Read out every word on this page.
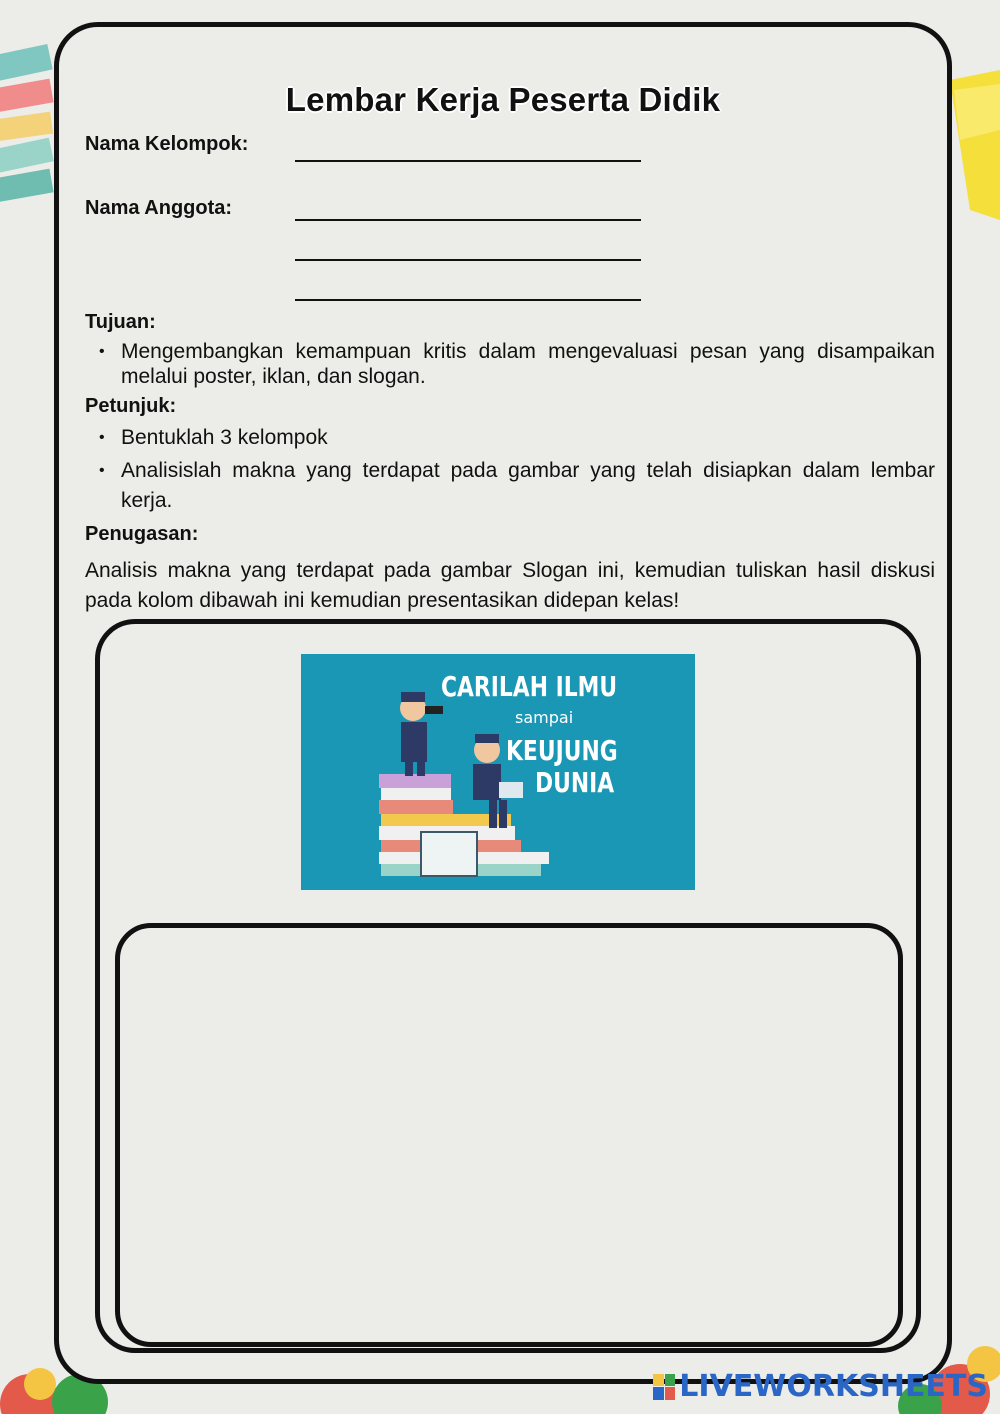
Lembar Kerja Peserta Didik
Nama Kelompok:
Nama Anggota:
Tujuan:
• Mengembangkan kemampuan kritis dalam mengevaluasi pesan yang disampaikan melalui poster, iklan, dan slogan.
Petunjuk:
• Bentuklah 3 kelompok
• Analisislah makna yang terdapat pada gambar yang telah disiapkan dalam lembar kerja.
Penugasan:
Analisis makna yang terdapat pada gambar Slogan ini, kemudian tuliskan hasil diskusi pada kolom dibawah ini kemudian presentasikan didepan kelas!
CARILAH ILMU
sampai
KEUJUNG
DUNIA
LIVEWORKSHEETS
